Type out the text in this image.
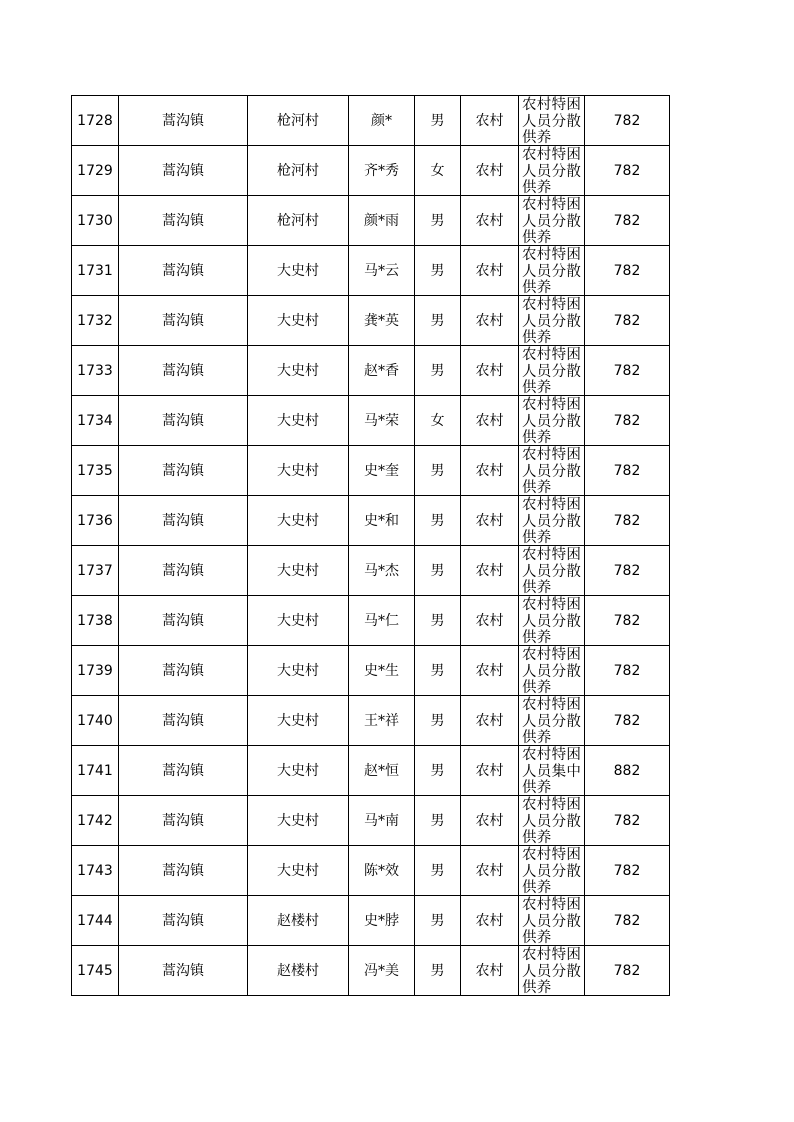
1728	蒿沟镇	枪河村	颜*	男	农村	农村特困人员分散供养	782
1729	蒿沟镇	枪河村	齐*秀	女	农村	农村特困人员分散供养	782
1730	蒿沟镇	枪河村	颜*雨	男	农村	农村特困人员分散供养	782
1731	蒿沟镇	大史村	马*云	男	农村	农村特困人员分散供养	782
1732	蒿沟镇	大史村	龚*英	男	农村	农村特困人员分散供养	782
1733	蒿沟镇	大史村	赵*香	男	农村	农村特困人员分散供养	782
1734	蒿沟镇	大史村	马*荣	女	农村	农村特困人员分散供养	782
1735	蒿沟镇	大史村	史*奎	男	农村	农村特困人员分散供养	782
1736	蒿沟镇	大史村	史*和	男	农村	农村特困人员分散供养	782
1737	蒿沟镇	大史村	马*杰	男	农村	农村特困人员分散供养	782
1738	蒿沟镇	大史村	马*仁	男	农村	农村特困人员分散供养	782
1739	蒿沟镇	大史村	史*生	男	农村	农村特困人员分散供养	782
1740	蒿沟镇	大史村	王*祥	男	农村	农村特困人员分散供养	782
1741	蒿沟镇	大史村	赵*恒	男	农村	农村特困人员集中供养	882
1742	蒿沟镇	大史村	马*南	男	农村	农村特困人员分散供养	782
1743	蒿沟镇	大史村	陈*效	男	农村	农村特困人员分散供养	782
1744	蒿沟镇	赵楼村	史*脖	男	农村	农村特困人员分散供养	782
1745	蒿沟镇	赵楼村	冯*美	男	农村	农村特困人员分散供养	782
